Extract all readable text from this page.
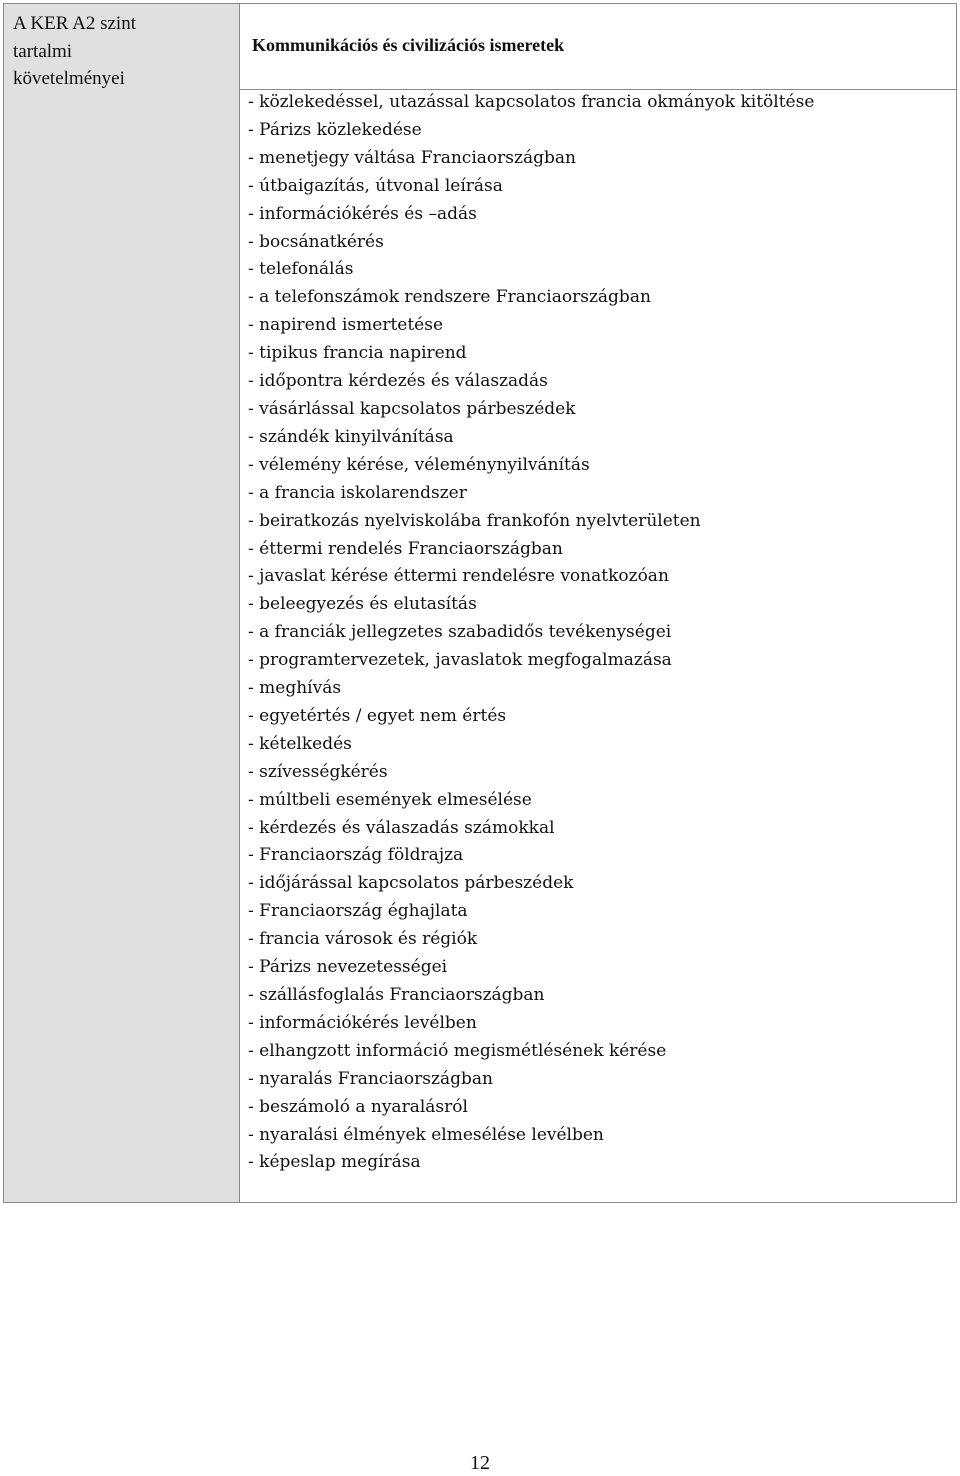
A KER A2 szint
tartalmi
követelményei
Kommunikációs és civilizációs ismeretek
- közlekedéssel, utazással kapcsolatos francia okmányok kitöltése
- Párizs közlekedése
- menetjegy váltása Franciaországban
- útbaigazítás, útvonal leírása
- információkérés és –adás
- bocsánatkérés
- telefonálás
- a telefonszámok rendszere Franciaországban
- napirend ismertetése
- tipikus francia napirend
- időpontra kérdezés és válaszadás
- vásárlással kapcsolatos párbeszédek
- szándék kinyilvánítása
- vélemény kérése, véleménynyilvánítás
- a francia iskolarendszer
- beiratkozás nyelviskolába frankofón nyelvterületen
- éttermi rendelés Franciaországban
- javaslat kérése éttermi rendelésre vonatkozóan
- beleegyezés és elutasítás
- a franciák jellegzetes szabadidős tevékenységei
- programtervezetek, javaslatok megfogalmazása
- meghívás
- egyetértés / egyet nem értés
- kételkedés
- szívességkérés
- múltbeli események elmesélése
- kérdezés és válaszadás számokkal
- Franciaország földrajza
- időjárással kapcsolatos párbeszédek
- Franciaország éghajlata
- francia városok és régiók
- Párizs nevezetességei
- szállásfoglalás Franciaországban
- információkérés levélben
- elhangzott információ megismétlésének kérése
- nyaralás Franciaországban
- beszámoló a nyaralásról
- nyaralási élmények elmesélése levélben
- képeslap megírása
12
